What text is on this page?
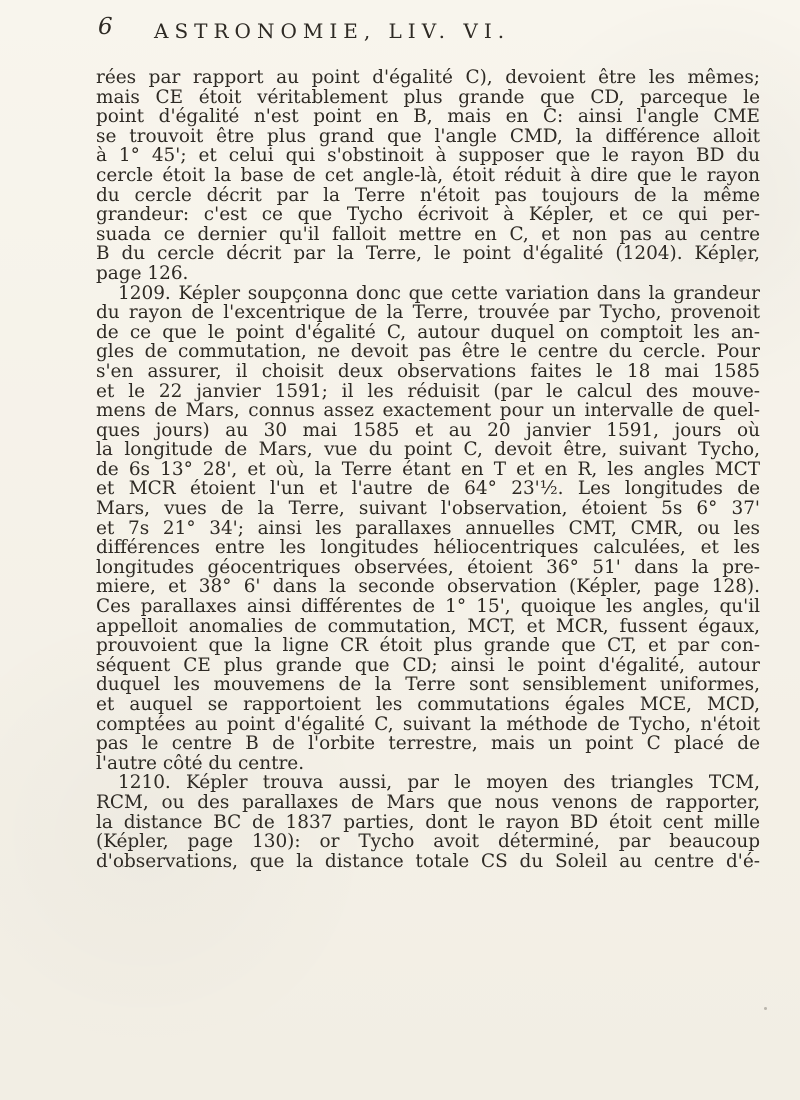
6 ASTRONOMIE, LIV. VI.
rées par rapport au point d'égalité C), devoient être les mêmes;
mais CE étoit véritablement plus grande que CD, parceque le
point d'égalité n'est point en B, mais en C: ainsi l'angle CME
se trouvoit être plus grand que l'angle CMD, la différence alloit
à 1° 45'; et celui qui s'obstinoit à supposer que le rayon BD du
cercle étoit la base de cet angle-là, étoit réduit à dire que le rayon
du cercle décrit par la Terre n'étoit pas toujours de la même
grandeur: c'est ce que Tycho écrivoit à Képler, et ce qui per-
suada ce dernier qu'il falloit mettre en C, et non pas au centre
B du cercle décrit par la Terre, le point d'égalité (1204). Képler,
page 126.
1209. Képler soupçonna donc que cette variation dans la grandeur
du rayon de l'excentrique de la Terre, trouvée par Tycho, provenoit
de ce que le point d'égalité C, autour duquel on comptoit les an-
gles de commutation, ne devoit pas être le centre du cercle. Pour
s'en assurer, il choisit deux observations faites le 18 mai 1585
et le 22 janvier 1591; il les réduisit (par le calcul des mouve-
mens de Mars, connus assez exactement pour un intervalle de quel-
ques jours) au 30 mai 1585 et au 20 janvier 1591, jours où
la longitude de Mars, vue du point C, devoit être, suivant Tycho,
de 6s 13° 28', et où, la Terre étant en T et en R, les angles MCT
et MCR étoient l'un et l'autre de 64° 23'½. Les longitudes de
Mars, vues de la Terre, suivant l'observation, étoient 5s 6° 37'
et 7s 21° 34'; ainsi les parallaxes annuelles CMT, CMR, ou les
différences entre les longitudes héliocentriques calculées, et les
longitudes géocentriques observées, étoient 36° 51' dans la pre-
miere, et 38° 6' dans la seconde observation (Képler, page 128).
Ces parallaxes ainsi différentes de 1° 15', quoique les angles, qu'il
appelloit anomalies de commutation, MCT, et MCR, fussent égaux,
prouvoient que la ligne CR étoit plus grande que CT, et par con-
séquent CE plus grande que CD; ainsi le point d'égalité, autour
duquel les mouvemens de la Terre sont sensiblement uniformes,
et auquel se rapportoient les commutations égales MCE, MCD,
comptées au point d'égalité C, suivant la méthode de Tycho, n'étoit
pas le centre B de l'orbite terrestre, mais un point C placé de
l'autre côté du centre.
1210. Képler trouva aussi, par le moyen des triangles TCM,
RCM, ou des parallaxes de Mars que nous venons de rapporter,
la distance BC de 1837 parties, dont le rayon BD étoit cent mille
(Képler, page 130): or Tycho avoit déterminé, par beaucoup
d'observations, que la distance totale CS du Soleil au centre d'é-
